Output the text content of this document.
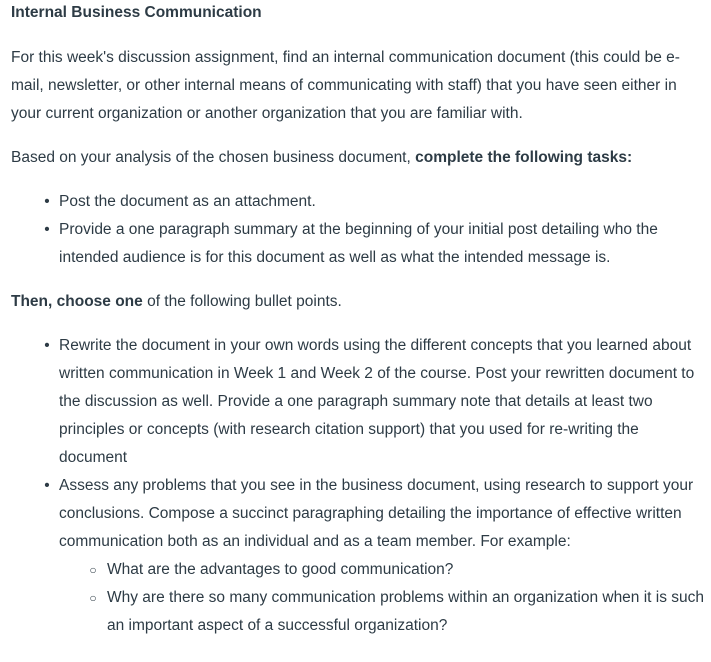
Internal Business Communication

For this week's discussion assignment, find an internal communication document (this could be e-mail, newsletter, or other internal means of communicating with staff) that you have seen either in your current organization or another organization that you are familiar with.

Based on your analysis of the chosen business document, complete the following tasks:

• Post the document as an attachment.
• Provide a one paragraph summary at the beginning of your initial post detailing who the intended audience is for this document as well as what the intended message is.

Then, choose one of the following bullet points.

• Rewrite the document in your own words using the different concepts that you learned about written communication in Week 1 and Week 2 of the course. Post your rewritten document to the discussion as well. Provide a one paragraph summary note that details at least two principles or concepts (with research citation support) that you used for re-writing the document
• Assess any problems that you see in the business document, using research to support your conclusions. Compose a succinct paragraphing detailing the importance of effective written communication both as an individual and as a team member. For example:
○ What are the advantages to good communication?
○ Why are there so many communication problems within an organization when it is such an important aspect of a successful organization?
